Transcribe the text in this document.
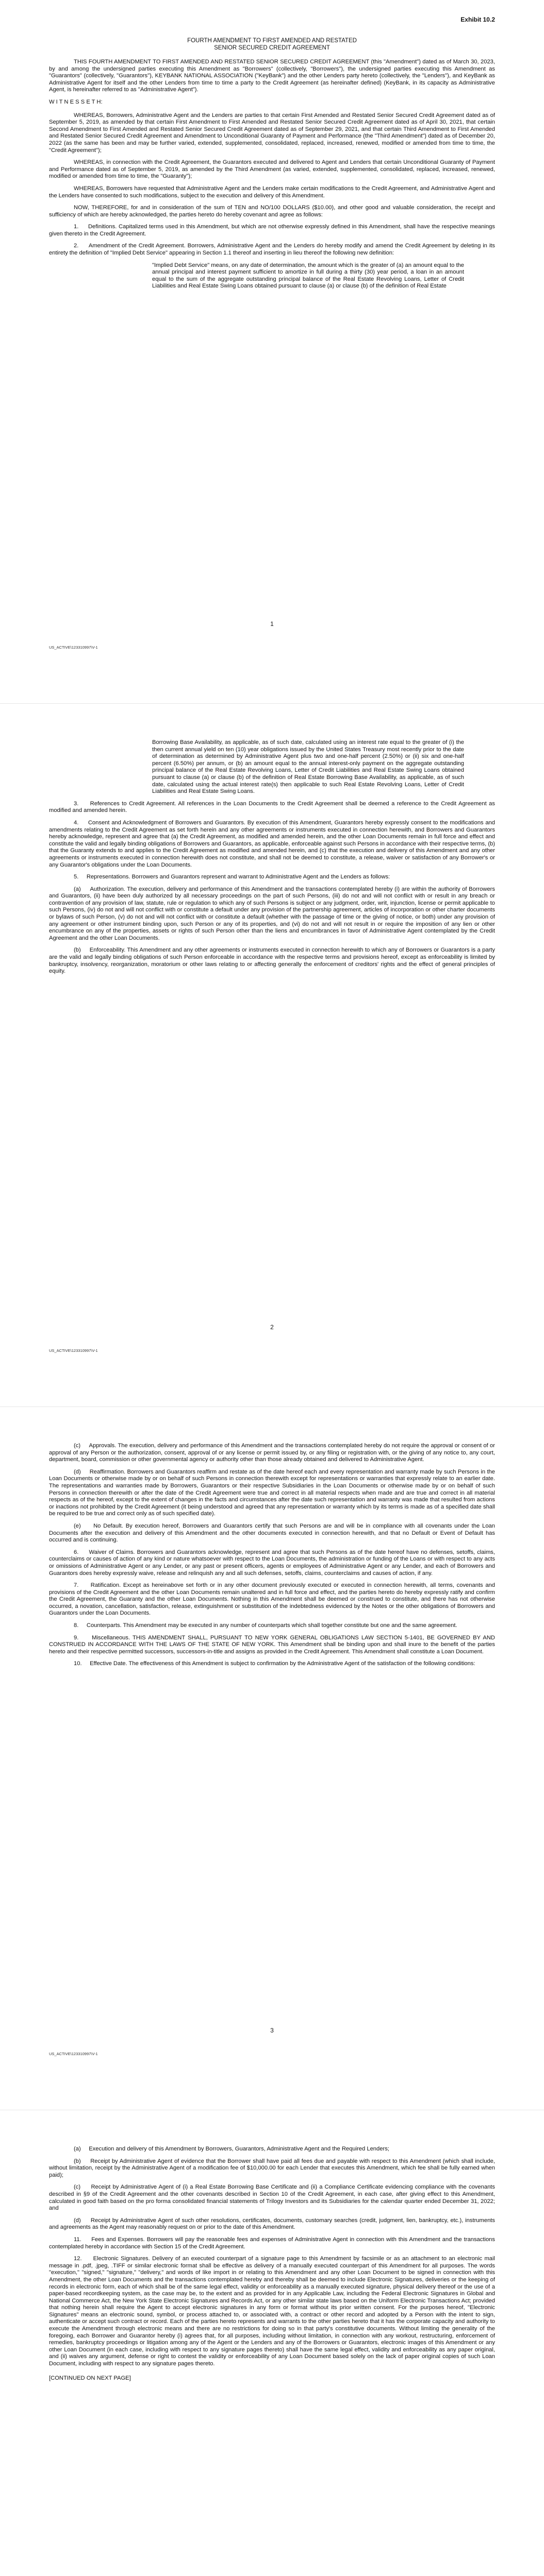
Exhibit 10.2
FOURTH AMENDMENT TO FIRST AMENDED AND RESTATED
SENIOR SECURED CREDIT AGREEMENT

THIS FOURTH AMENDMENT TO FIRST AMENDED AND RESTATED SENIOR SECURED CREDIT AGREEMENT (this "Amendment") dated as of March 30, 2023, by and among the undersigned parties executing this Amendment as "Borrowers" (collectively, "Borrowers"), the undersigned parties executing this Amendment as "Guarantors" (collectively, "Guarantors"), KEYBANK NATIONAL ASSOCIATION ("KeyBank") and the other Lenders party hereto (collectively, the "Lenders"), and KeyBank as Administrative Agent for itself and the other Lenders from time to time a party to the Credit Agreement (as hereinafter defined) (KeyBank, in its capacity as Administrative Agent, is hereinafter referred to as "Administrative Agent").

W I T N E S S E T H:

WHEREAS, Borrowers, Administrative Agent and the Lenders are parties to that certain First Amended and Restated Senior Secured Credit Agreement dated as of September 5, 2019, as amended by that certain First Amendment to First Amended and Restated Senior Secured Credit Agreement dated as of April 30, 2021, that certain Second Amendment to First Amended and Restated Senior Secured Credit Agreement dated as of September 29, 2021, and that certain Third Amendment to First Amended and Restated Senior Secured Credit Agreement and Amendment to Unconditional Guaranty of Payment and Performance (the "Third Amendment") dated as of December 20, 2022 (as the same has been and may be further varied, extended, supplemented, consolidated, replaced, increased, renewed, modified or amended from time to time, the "Credit Agreement");

WHEREAS, in connection with the Credit Agreement, the Guarantors executed and delivered to Agent and Lenders that certain Unconditional Guaranty of Payment and Performance dated as of September 5, 2019, as amended by the Third Amendment (as varied, extended, supplemented, consolidated, replaced, increased, renewed, modified or amended from time to time, the "Guaranty");

WHEREAS, Borrowers have requested that Administrative Agent and the Lenders make certain modifications to the Credit Agreement, and Administrative Agent and the Lenders have consented to such modifications, subject to the execution and delivery of this Amendment.

NOW, THEREFORE, for and in consideration of the sum of TEN and NO/100 DOLLARS ($10.00), and other good and valuable consideration, the receipt and sufficiency of which are hereby acknowledged, the parties hereto do hereby covenant and agree as follows:

1.     Definitions. Capitalized terms used in this Amendment, but which are not otherwise expressly defined in this Amendment, shall have the respective meanings given thereto in the Credit Agreement.

2.     Amendment of the Credit Agreement. Borrowers, Administrative Agent and the Lenders do hereby modify and amend the Credit Agreement by deleting in its entirety the definition of "Implied Debt Service" appearing in Section 1.1 thereof and inserting in lieu thereof the following new definition:

"Implied Debt Service" means, on any date of determination, the amount which is the greater of (a) an amount equal to the annual principal and interest payment sufficient to amortize in full during a thirty (30) year period, a loan in an amount equal to the sum of the aggregate outstanding principal balance of the Real Estate Revolving Loans, Letter of Credit Liabilities and Real Estate Swing Loans obtained pursuant to clause (a) or clause (b) of the definition of Real Estate

1
US_ACTIVE\123310997\V-1

Borrowing Base Availability, as applicable, as of such date, calculated using an interest rate equal to the greater of (i) the then current annual yield on ten (10) year obligations issued by the United States Treasury most recently prior to the date of determination as determined by Administrative Agent plus two and one-half percent (2.50%) or (ii) six and one-half percent (6.50%) per annum, or (b) an amount equal to the annual interest-only payment on the aggregate outstanding principal balance of the Real Estate Revolving Loans, Letter of Credit Liabilities and Real Estate Swing Loans obtained pursuant to clause (a) or clause (b) of the definition of Real Estate Borrowing Base Availability, as applicable, as of such date, calculated using the actual interest rate(s) then applicable to such Real Estate Revolving Loans, Letter of Credit Liabilities and Real Estate Swing Loans.

3.     References to Credit Agreement. All references in the Loan Documents to the Credit Agreement shall be deemed a reference to the Credit Agreement as modified and amended herein.

4.     Consent and Acknowledgment of Borrowers and Guarantors. By execution of this Amendment, Guarantors hereby expressly consent to the modifications and amendments relating to the Credit Agreement as set forth herein and any other agreements or instruments executed in connection herewith, and Borrowers and Guarantors hereby acknowledge, represent and agree that (a) the Credit Agreement, as modified and amended herein, and the other Loan Documents remain in full force and effect and constitute the valid and legally binding obligations of Borrowers and Guarantors, as applicable, enforceable against such Persons in accordance with their respective terms, (b) that the Guaranty extends to and applies to the Credit Agreement as modified and amended herein, and (c) that the execution and delivery of this Amendment and any other agreements or instruments executed in connection herewith does not constitute, and shall not be deemed to constitute, a release, waiver or satisfaction of any Borrower's or any Guarantor's obligations under the Loan Documents.

5.     Representations. Borrowers and Guarantors represent and warrant to Administrative Agent and the Lenders as follows:

(a)     Authorization. The execution, delivery and performance of this Amendment and the transactions contemplated hereby (i) are within the authority of Borrowers and Guarantors, (ii) have been duly authorized by all necessary proceedings on the part of such Persons, (iii) do not and will not conflict with or result in any breach or contravention of any provision of law, statute, rule or regulation to which any of such Persons is subject or any judgment, order, writ, injunction, license or permit applicable to such Persons, (iv) do not and will not conflict with or constitute a default under any provision of the partnership agreement, articles of incorporation or other charter documents or bylaws of such Person, (v) do not and will not conflict with or constitute a default (whether with the passage of time or the giving of notice, or both) under any provision of any agreement or other instrument binding upon, such Person or any of its properties, and (vi) do not and will not result in or require the imposition of any lien or other encumbrance on any of the properties, assets or rights of such Person other than the liens and encumbrances in favor of Administrative Agent contemplated by the Credit Agreement and the other Loan Documents.

(b)     Enforceability. This Amendment and any other agreements or instruments executed in connection herewith to which any of Borrowers or Guarantors is a party are the valid and legally binding obligations of such Person enforceable in accordance with the respective terms and provisions hereof, except as enforceability is limited by bankruptcy, insolvency, reorganization, moratorium or other laws relating to or affecting generally the enforcement of creditors' rights and the effect of general principles of equity.

2
US_ACTIVE\123310997\V-1

(c)     Approvals. The execution, delivery and performance of this Amendment and the transactions contemplated hereby do not require the approval or consent of or approval of any Person or the authorization, consent, approval of or any license or permit issued by, or any filing or registration with, or the giving of any notice to, any court, department, board, commission or other governmental agency or authority other than those already obtained and delivered to Administrative Agent.

(d)     Reaffirmation. Borrowers and Guarantors reaffirm and restate as of the date hereof each and every representation and warranty made by such Persons in the Loan Documents or otherwise made by or on behalf of such Persons in connection therewith except for representations or warranties that expressly relate to an earlier date. The representations and warranties made by Borrowers, Guarantors or their respective Subsidiaries in the Loan Documents or otherwise made by or on behalf of such Persons in connection therewith or after the date of the Credit Agreement were true and correct in all material respects when made and are true and correct in all material respects as of the hereof, except to the extent of changes in the facts and circumstances after the date such representation and warranty was made that resulted from actions or inactions not prohibited by the Credit Agreement (it being understood and agreed that any representation or warranty which by its terms is made as of a specified date shall be required to be true and correct only as of such specified date).

(e)     No Default. By execution hereof, Borrowers and Guarantors certify that such Persons are and will be in compliance with all covenants under the Loan Documents after the execution and delivery of this Amendment and the other documents executed in connection herewith, and that no Default or Event of Default has occurred and is continuing.

6.     Waiver of Claims. Borrowers and Guarantors acknowledge, represent and agree that such Persons as of the date hereof have no defenses, setoffs, claims, counterclaims or causes of action of any kind or nature whatsoever with respect to the Loan Documents, the administration or funding of the Loans or with respect to any acts or omissions of Administrative Agent or any Lender, or any past or present officers, agents or employees of Administrative Agent or any Lender, and each of Borrowers and Guarantors does hereby expressly waive, release and relinquish any and all such defenses, setoffs, claims, counterclaims and causes of action, if any.

7.     Ratification. Except as hereinabove set forth or in any other document previously executed or executed in connection herewith, all terms, covenants and provisions of the Credit Agreement and the other Loan Documents remain unaltered and in full force and effect, and the parties hereto do hereby expressly ratify and confirm the Credit Agreement, the Guaranty and the other Loan Documents. Nothing in this Amendment shall be deemed or construed to constitute, and there has not otherwise occurred, a novation, cancellation, satisfaction, release, extinguishment or substitution of the indebtedness evidenced by the Notes or the other obligations of Borrowers and Guarantors under the Loan Documents.

8.     Counterparts. This Amendment may be executed in any number of counterparts which shall together constitute but one and the same agreement.

9.     Miscellaneous. THIS AMENDMENT SHALL, PURSUANT TO NEW YORK GENERAL OBLIGATIONS LAW SECTION 5-1401, BE GOVERNED BY AND CONSTRUED IN ACCORDANCE WITH THE LAWS OF THE STATE OF NEW YORK. This Amendment shall be binding upon and shall inure to the benefit of the parties hereto and their respective permitted successors, successors-in-title and assigns as provided in the Credit Agreement. This Amendment shall constitute a Loan Document.

10.     Effective Date. The effectiveness of this Amendment is subject to confirmation by the Administrative Agent of the satisfaction of the following conditions:

3
US_ACTIVE\123310997\V-1

(a)     Execution and delivery of this Amendment by Borrowers, Guarantors, Administrative Agent and the Required Lenders;

(b)     Receipt by Administrative Agent of evidence that the Borrower shall have paid all fees due and payable with respect to this Amendment (which shall include, without limitation, receipt by the Administrative Agent of a modification fee of $10,000.00 for each Lender that executes this Amendment, which fee shall be fully earned when paid);

(c)     Receipt by Administrative Agent of (i) a Real Estate Borrowing Base Certificate and (ii) a Compliance Certificate evidencing compliance with the covenants described in §9 of the Credit Agreement and the other covenants described in Section 10 of the Credit Agreement, in each case, after giving effect to this Amendment, calculated in good faith based on the pro forma consolidated financial statements of Trilogy Investors and its Subsidiaries for the calendar quarter ended December 31, 2022; and

(d)     Receipt by Administrative Agent of such other resolutions, certificates, documents, customary searches (credit, judgment, lien, bankruptcy, etc.), instruments and agreements as the Agent may reasonably request on or prior to the date of this Amendment.

11.     Fees and Expenses. Borrowers will pay the reasonable fees and expenses of Administrative Agent in connection with this Amendment and the transactions contemplated hereby in accordance with Section 15 of the Credit Agreement.

12.     Electronic Signatures. Delivery of an executed counterpart of a signature page to this Amendment by facsimile or as an attachment to an electronic mail message in .pdf, .jpeg, .TIFF or similar electronic format shall be effective as delivery of a manually executed counterpart of this Amendment for all purposes. The words "execution," "signed," "signature," "delivery," and words of like import in or relating to this Amendment and any other Loan Document to be signed in connection with this Amendment, the other Loan Documents and the transactions contemplated hereby and thereby shall be deemed to include Electronic Signatures, deliveries or the keeping of records in electronic form, each of which shall be of the same legal effect, validity or enforceability as a manually executed signature, physical delivery thereof or the use of a paper-based recordkeeping system, as the case may be, to the extent and as provided for in any Applicable Law, including the Federal Electronic Signatures in Global and National Commerce Act, the New York State Electronic Signatures and Records Act, or any other similar state laws based on the Uniform Electronic Transactions Act; provided that nothing herein shall require the Agent to accept electronic signatures in any form or format without its prior written consent. For the purposes hereof, "Electronic Signatures" means an electronic sound, symbol, or process attached to, or associated with, a contract or other record and adopted by a Person with the intent to sign, authenticate or accept such contract or record. Each of the parties hereto represents and warrants to the other parties hereto that it has the corporate capacity and authority to execute the Amendment through electronic means and there are no restrictions for doing so in that party's constitutive documents. Without limiting the generality of the foregoing, each Borrower and Guarantor hereby (i) agrees that, for all purposes, including without limitation, in connection with any workout, restructuring, enforcement of remedies, bankruptcy proceedings or litigation among any of the Agent or the Lenders and any of the Borrowers or Guarantors, electronic images of this Amendment or any other Loan Document (in each case, including with respect to any signature pages thereto) shall have the same legal effect, validity and enforceability as any paper original, and (ii) waives any argument, defense or right to contest the validity or enforceability of any Loan Document based solely on the lack of paper original copies of such Loan Document, including with respect to any signature pages thereto.

[CONTINUED ON NEXT PAGE]
